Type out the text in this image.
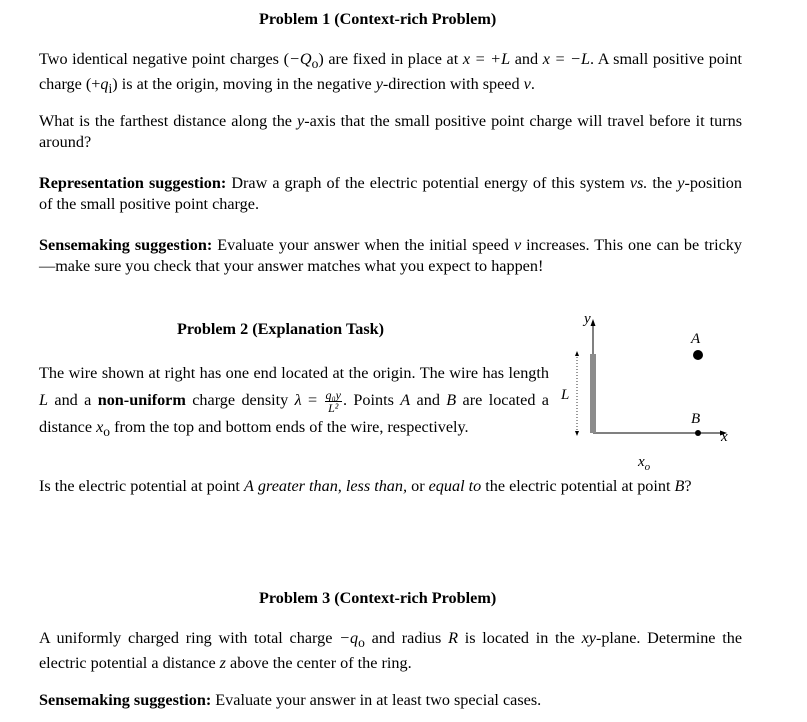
Problem 1 (Context-rich Problem)
Two identical negative point charges $(-Q_o)$ are fixed in place at x = +L and x = −L. A small positive point charge $(+q_i)$ is at the origin, moving in the negative y-direction with speed v.
What is the farthest distance along the y-axis that the small positive point charge will travel before it turns around?
Representation suggestion: Draw a graph of the electric potential energy of this system vs. the y-position of the small positive point charge.
Sensemaking suggestion: Evaluate your answer when the initial speed v increases. This one can be tricky—make sure you check that your answer matches what you expect to happen!
Problem 2 (Explanation Task)
The wire shown at right has one end located at the origin. The wire has length L and a non-uniform charge density $\lambda = \frac{\text{q₀y}}{\text{L²}}$ . Points A and B are located a distance $x_o$ from the top and bottom ends of the wire, respectively.
y
x
L
A
B
$x_o$
Is the electric potential at point A greater than, less than, or equal to the electric potential at point B?
Problem 3 (Context-rich Problem)
A uniformly charged ring with total charge $-q_o$ and radius R is located in the xy-plane. Determine the electric potential a distance z above the center of the ring.
Sensemaking suggestion: Evaluate your answer in at least two special cases.
